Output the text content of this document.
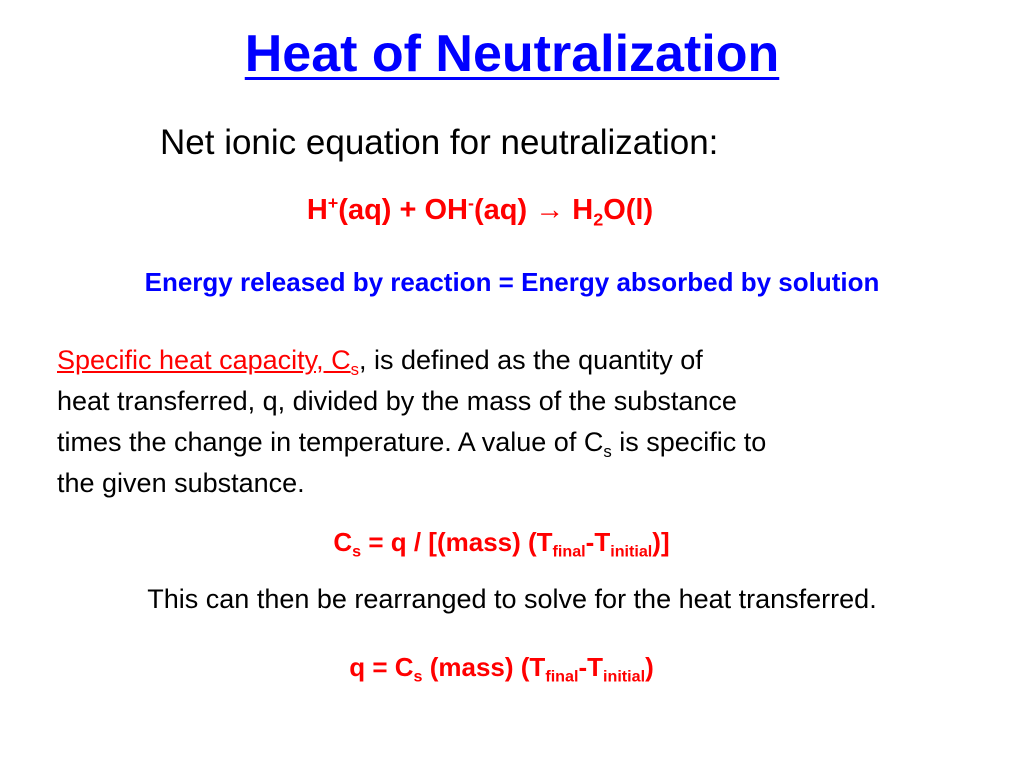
Heat of Neutralization
Net ionic equation for neutralization:
$H^+(aq) + OH^-(aq) \to H_2O(l)$
Energy released by reaction = Energy absorbed by solution
Specific heat capacity, $C_s$, is defined as the quantity of
heat transferred, q, divided by the mass of the substance
times the change in temperature. A value of $C_s$ is specific to
the given substance.
$C_s = q$ / [(mass) $(T_{final}-T_{initial})$]
This can then be rearranged to solve for the heat transferred.
$q = C_s$ (mass) $(T_{final}-T_{initial})$
